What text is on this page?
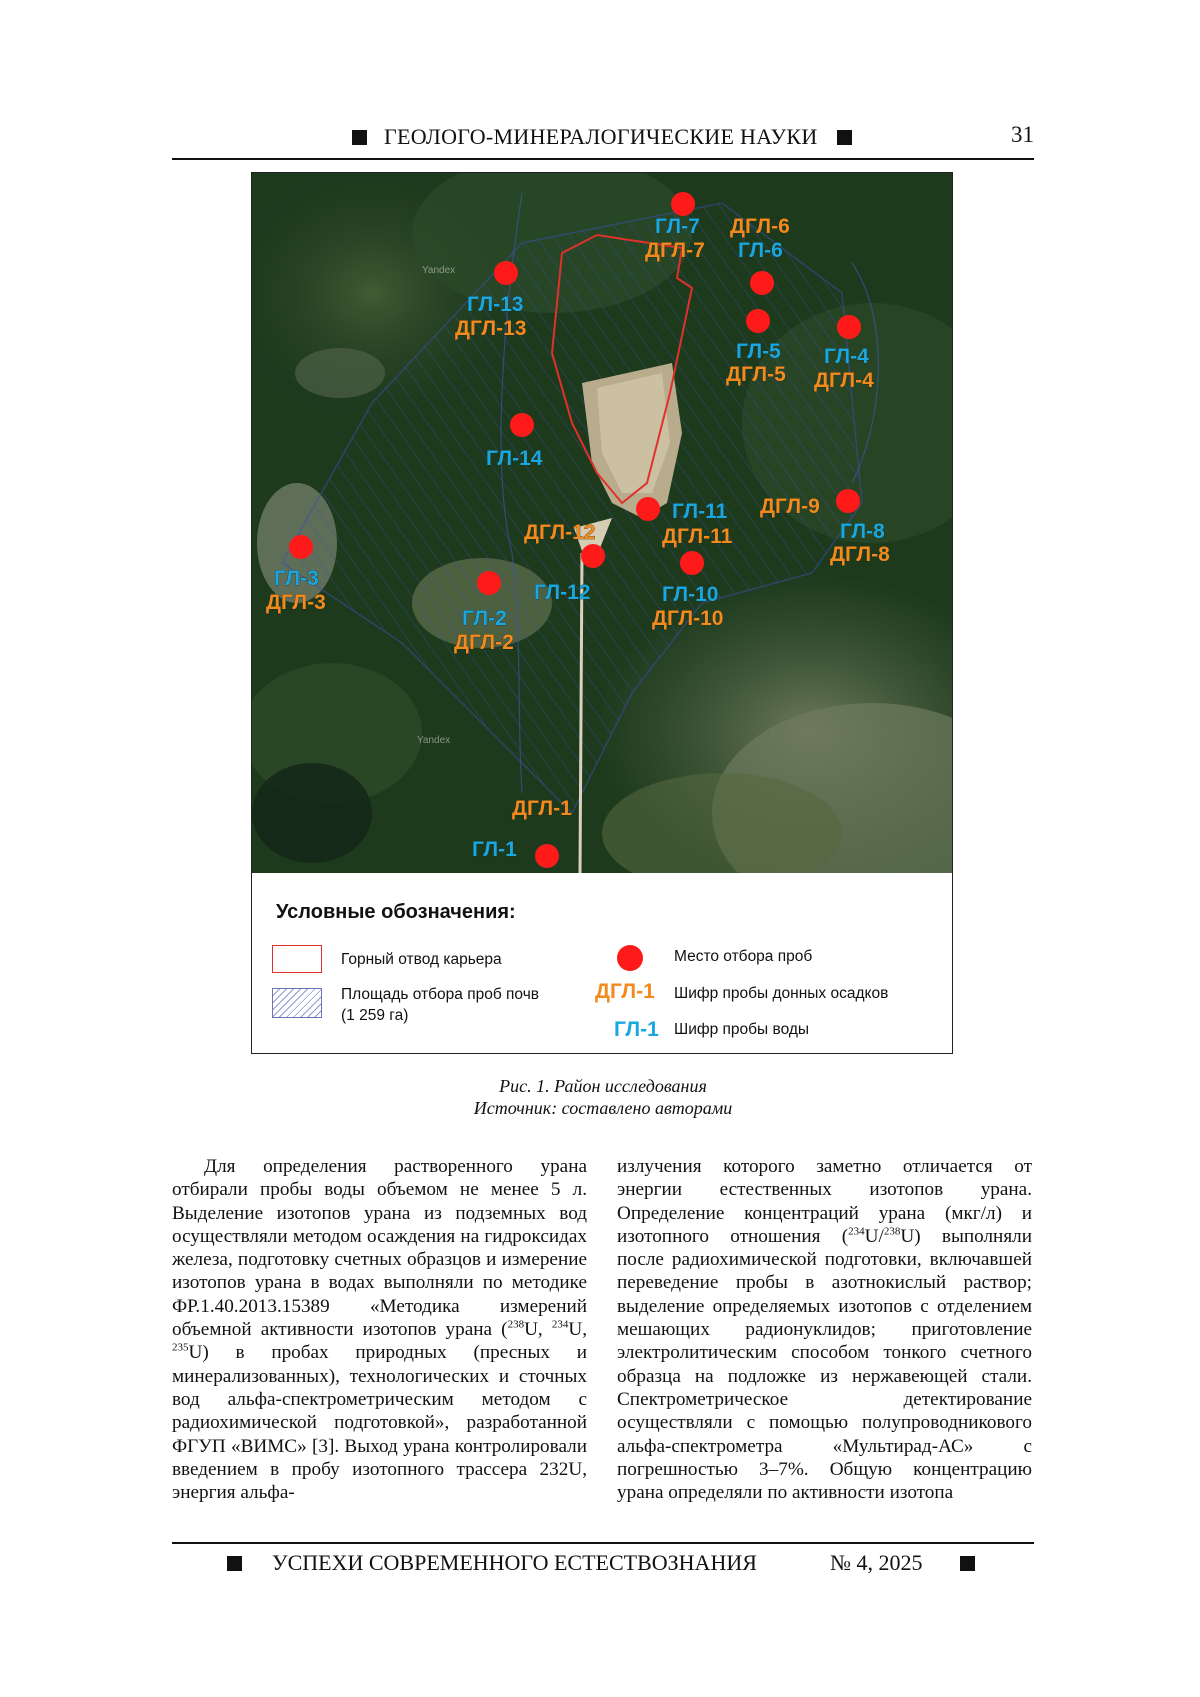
ГЕОЛОГО-МИНЕРАЛОГИЧЕСКИЕ НАУКИ	31
Yandex
Yandex
ГЛ-7
ДГЛ-7
ДГЛ-6
ГЛ-6
ГЛ-13
ДГЛ-13
ГЛ-5
ДГЛ-5
ГЛ-4
ДГЛ-4
ГЛ-14
ГЛ-11
ДГЛ-11
ДГЛ-9
ГЛ-8
ДГЛ-8
ДГЛ-12
ГЛ-12	ГЛ-10
ДГЛ-10
ГЛ-3
ДГЛ-3
ГЛ-2
ДГЛ-2
ДГЛ-1
ГЛ-1
Условные обозначения:
Горный отвод карьера
Площадь отбора проб почв
(1 259 га)
Место отбора проб
ДГЛ-1 Шифр пробы донных осадков
ГЛ-1 Шифр пробы воды
Рис. 1. Район исследования
Источник: составлено авторами
Для определения растворенного урана отбирали пробы воды объемом не менее 5 л. Выделение изотопов урана из подземных вод осуществляли методом осаждения на гидроксидах железа, подготовку счетных образцов и измерение изотопов урана в водах выполняли по методике ФР.1.40.2013.15389 «Методика измерений объемной активности изотопов урана ($^{238}$U, $^{234}$U, $^{235}$U) в пробах природных (пресных и минерализованных), технологических и сточных вод альфа-спектрометрическим методом с радиохимической подготовкой», разработанной ФГУП «ВИМС» [3]. Выход урана контролировали введением в пробу изотопного трассера 232U, энергия альфа-
излучения которого заметно отличается от энергии естественных изотопов урана. Определение концентраций урана (мкг/л) и изотопного отношения ($^{234}$U/$^{238}$U) выполняли после радиохимической подготовки, включавшей переведение пробы в азотнокислый раствор; выделение определяемых изотопов с отделением мешающих радионуклидов; приготовление электролитическим способом тонкого счетного образца на подложке из нержавеющей стали. Спектрометрическое детектирование осуществляли с помощью полупроводникового альфа-спектрометра «Мультирад-АС» с погрешностью 3–7%. Общую концентрацию урана определяли по активности изотопа
УСПЕХИ СОВРЕМЕННОГО ЕСТЕСТВОЗНАНИЯ	№ 4, 2025
